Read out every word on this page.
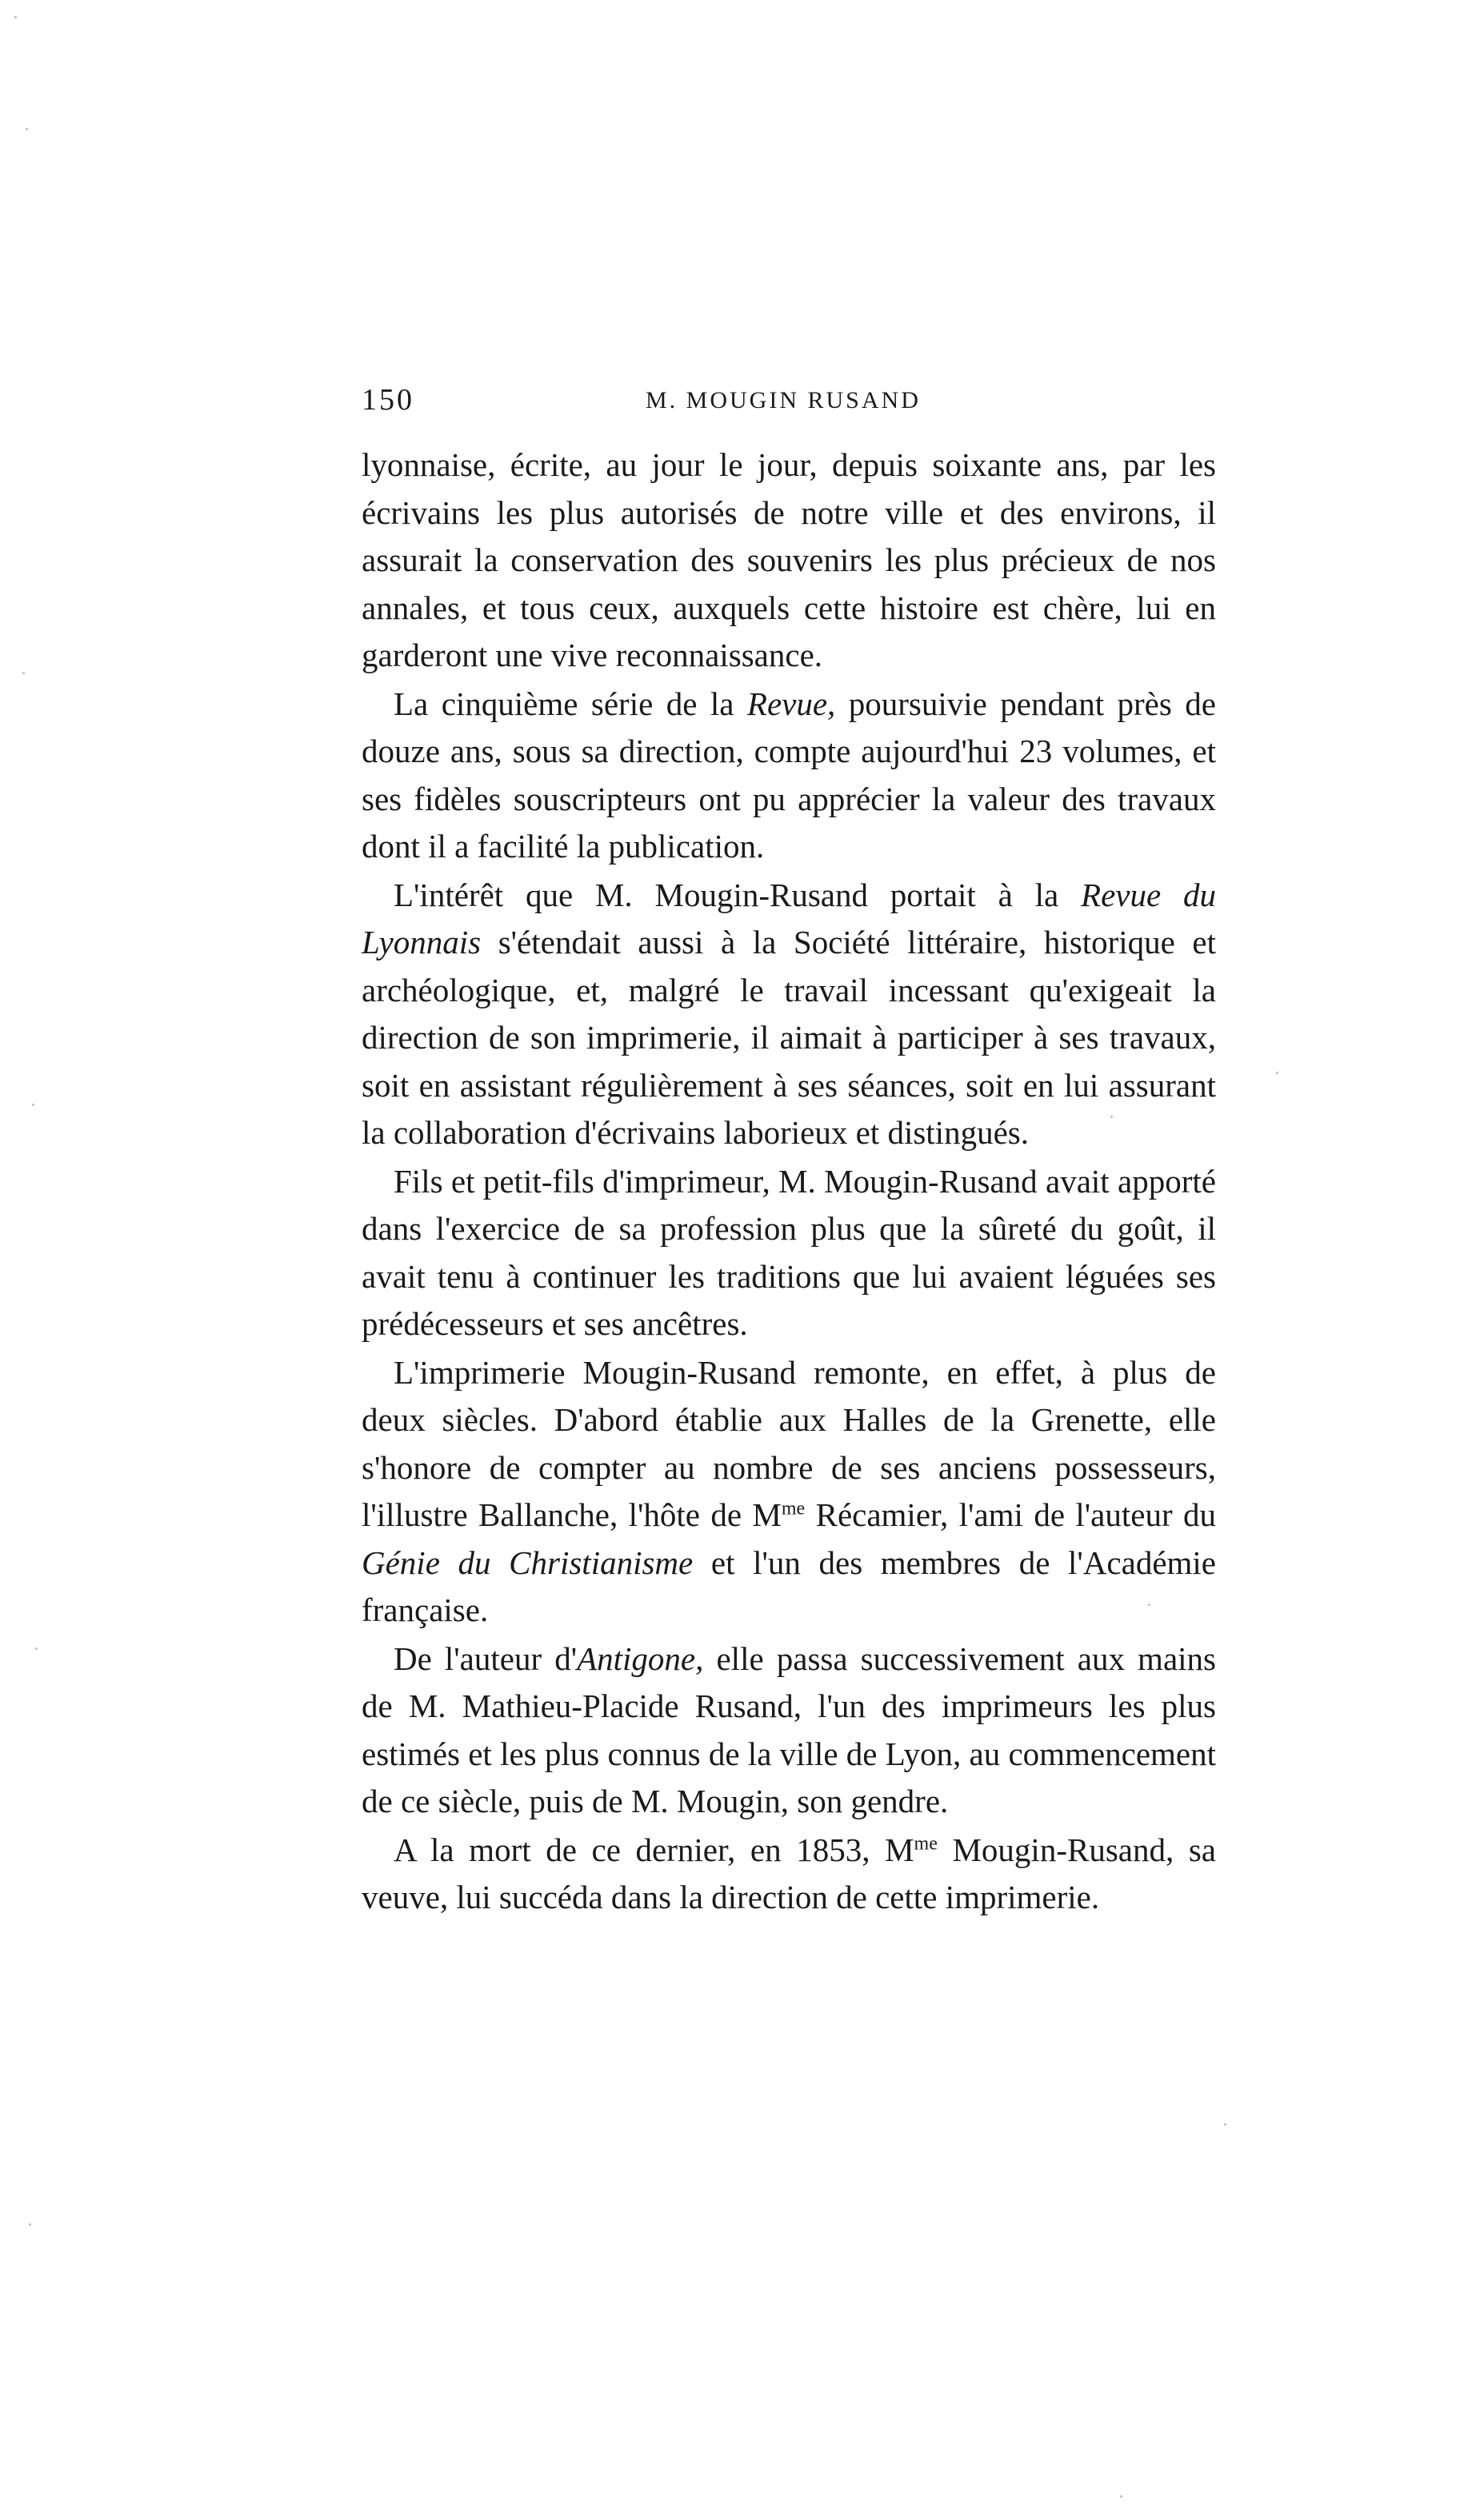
150	M. MOUGIN RUSAND

lyonnaise, écrite, au jour le jour, depuis soixante ans, par les écrivains les plus autorisés de notre ville et des environs, il assurait la conservation des souvenirs les plus précieux de nos annales, et tous ceux, auxquels cette histoire est chère, lui en garderont une vive reconnaissance.

La cinquième série de la Revue, poursuivie pendant près de douze ans, sous sa direction, compte aujourd'hui 23 volumes, et ses fidèles souscripteurs ont pu apprécier la valeur des travaux dont il a facilité la publication.

L'intérêt que M. Mougin-Rusand portait à la Revue du Lyonnais s'étendait aussi à la Société littéraire, historique et archéologique, et, malgré le travail incessant qu'exigeait la direction de son imprimerie, il aimait à participer à ses travaux, soit en assistant régulièrement à ses séances, soit en lui assurant la collaboration d'écrivains laborieux et distingués.

Fils et petit-fils d'imprimeur, M. Mougin-Rusand avait apporté dans l'exercice de sa profession plus que la sûreté du goût, il avait tenu à continuer les traditions que lui avaient léguées ses prédécesseurs et ses ancêtres.

L'imprimerie Mougin-Rusand remonte, en effet, à plus de deux siècles. D'abord établie aux Halles de la Grenette, elle s'honore de compter au nombre de ses anciens possesseurs, l'illustre Ballanche, l'hôte de $M^{me}$ Récamier, l'ami de l'auteur du Génie du Christianisme et l'un des membres de l'Académie française.

De l'auteur d'Antigone, elle passa successivement aux mains de M. Mathieu-Placide Rusand, l'un des imprimeurs les plus estimés et les plus connus de la ville de Lyon, au commencement de ce siècle, puis de M. Mougin, son gendre.

A la mort de ce dernier, en 1853, $M^{me}$ Mougin-Rusand, sa veuve, lui succéda dans la direction de cette imprimerie.
